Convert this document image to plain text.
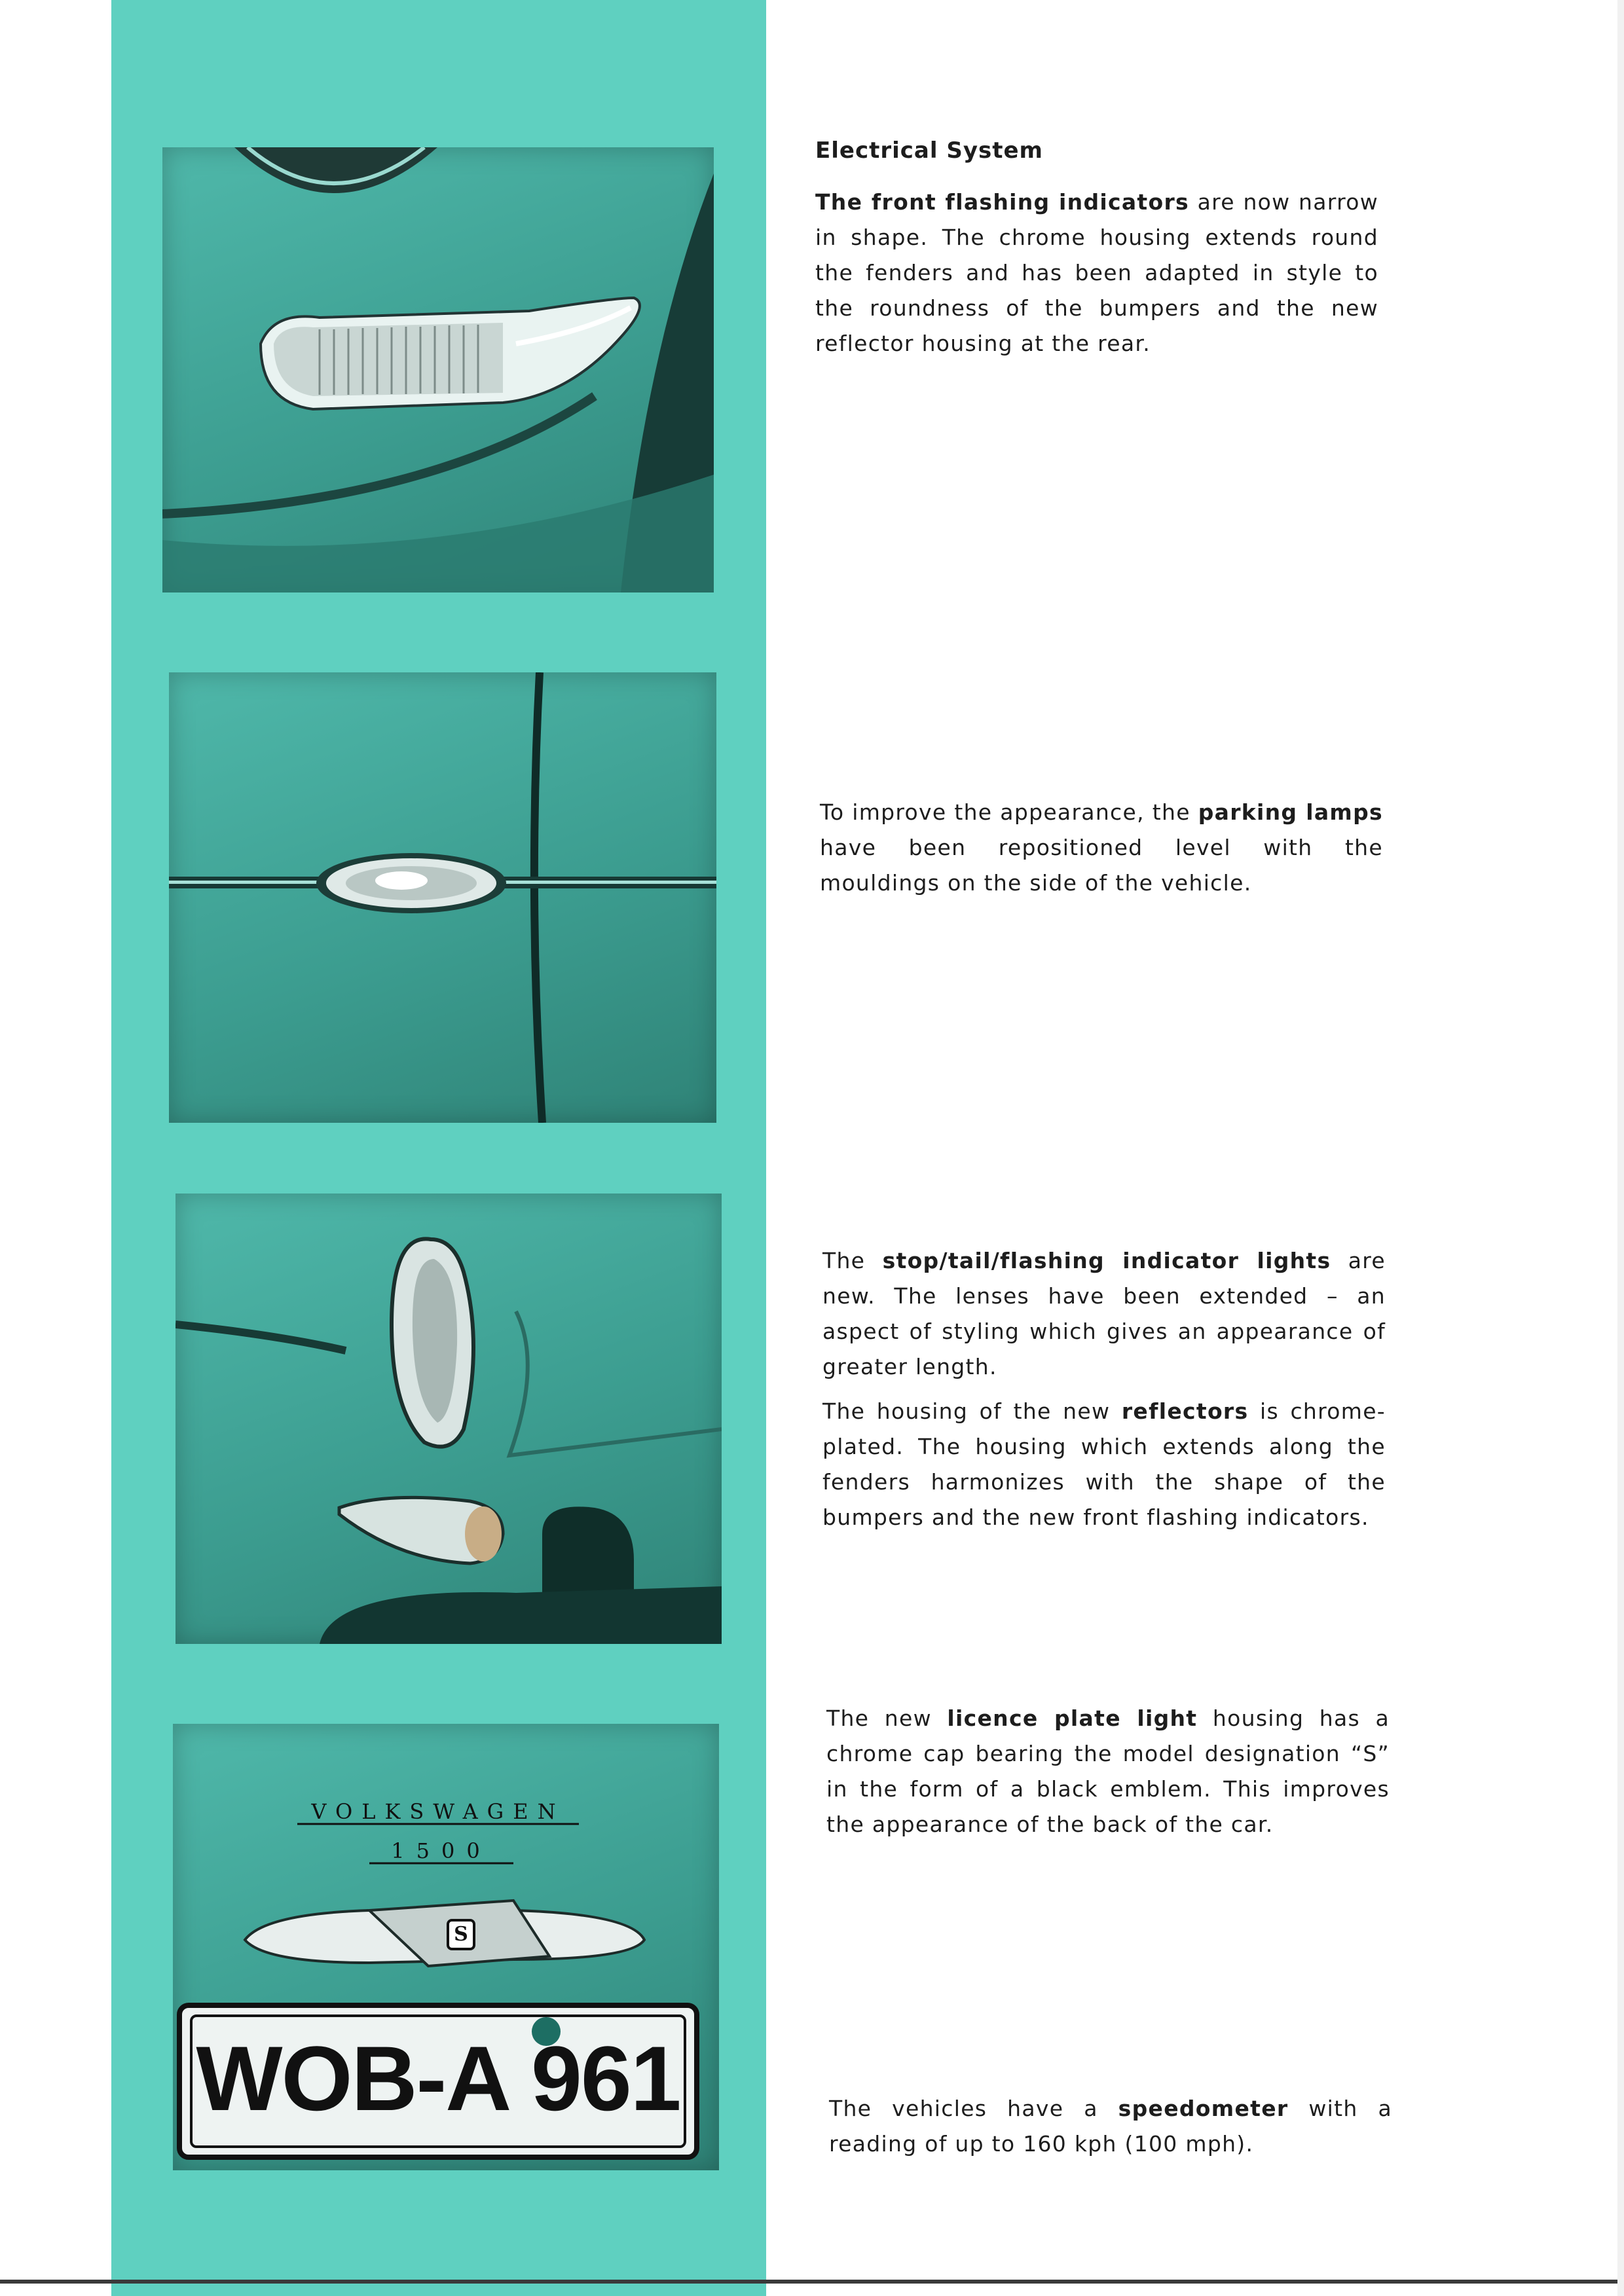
VOLKSWAGEN
1500
S
WOB-A 961
Electrical System

The front flashing indicators are now narrow in shape. The chrome housing extends round the fenders and has been adapted in style to the roundness of the bumpers and the new reflector housing at the rear.

To improve the appearance, the parking lamps have been repositioned level with the mouldings on the side of the vehicle.

The stop/tail/flashing indicator lights are new. The lenses have been extended – an aspect of styling which gives an appearance of greater length.

The housing of the new reflectors is chrome-plated. The housing which extends along the fenders harmonizes with the shape of the bumpers and the new front flashing indicators.

The new licence plate light housing has a chrome cap bearing the model designation “S” in the form of a black emblem. This improves the appearance of the back of the car.

The vehicles have a speedometer with a reading of up to 160 kph (100 mph).
